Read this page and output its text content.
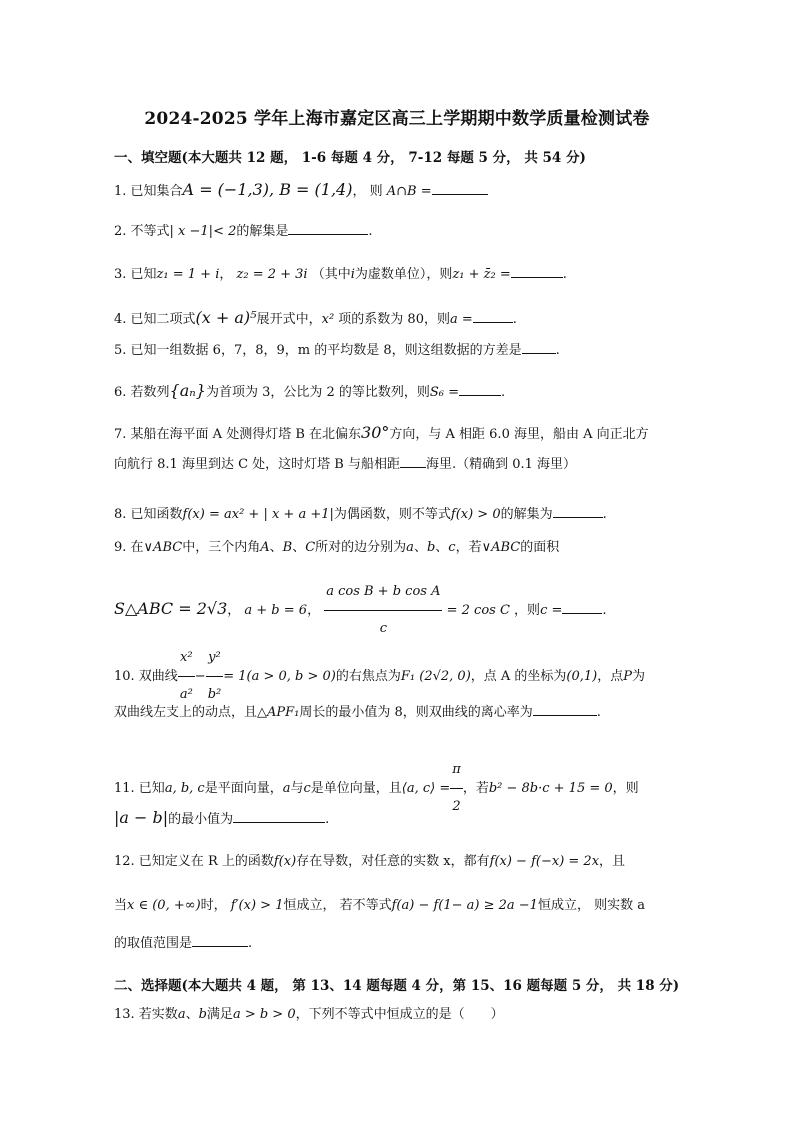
2024-2025 学年上海市嘉定区高三上学期期中数学质量检测试卷
一、填空题(本大题共 12 题， 1-6 每题 4 分， 7-12 每题 5 分， 共 54 分)
1. 已知集合A = (−1,3), B = (1,4)， 则 A∩B =
2. 不等式| x −1|< 2的解集是	.
3. 已知z₁ = 1 + i， z₂ = 2 + 3i （其中i为虚数单位），则z₁ + z̄₂ =	.
4. 已知二项式(x + a)⁵展开式中，x² 项的系数为 80，则a =	.
5. 已知一组数据 6，7，8，9，m 的平均数是 8，则这组数据的方差是	.
6. 若数列{aₙ}为首项为 3，公比为 2 的等比数列，则S₆ =	.
7. 某船在海平面 A 处测得灯塔 B 在北偏东30°方向，与 A 相距 6.0 海里，船由 A 向正北方
向航行 8.1 海里到达 C 处，这时灯塔 B 与船相距 海里.（精确到 0.1 海里）
8. 已知函数f(x) = ax² + | x + a +1|为偶函数，则不等式f(x) > 0的解集为	.
9. 在∨ABC中，三个内角A、B、C所对的边分别为a、b、c，若∨ABC的面积
S△ABC = 2√3， a + b = 6， $\frac{\text{a cos B + b cos A}}{c} = 2$ cos C ，则c =	.
10. 双曲线 $\frac{\text{x²}}{\text{a²}} - \frac{\text{y²}}{\text{b²}} = 1(a > 0$, b > 0)的右焦点为F₁ (2√2, 0)，点 A 的坐标为(0,1)，点P为
双曲线左支上的动点，且△APF₁周长的最小值为 8，则双曲线的离心率为	.
11. 已知a, b, c是平面向量，a与c是单位向量，且⟨a, c⟩ = $\frac{\pi}{2}$ ，若b² − 8b·c + 15 = 0，则
|a − b|的最小值为	.
12. 已知定义在 R 上的函数f(x)存在导数，对任意的实数 x，都有f(x) − f(−x) = 2x，且
当x ∈ (0, +∞)时， f′(x) > 1恒成立， 若不等式f(a) − f(1− a) ≥ 2a −1恒成立， 则实数 a
的取值范围是	.
二、选择题(本大题共 4 题， 第 13、14 题每题 4 分，第 15、16 题每题 5 分， 共 18 分)
13. 若实数a、b满足a > b > 0，下列不等式中恒成立的是（　　）
